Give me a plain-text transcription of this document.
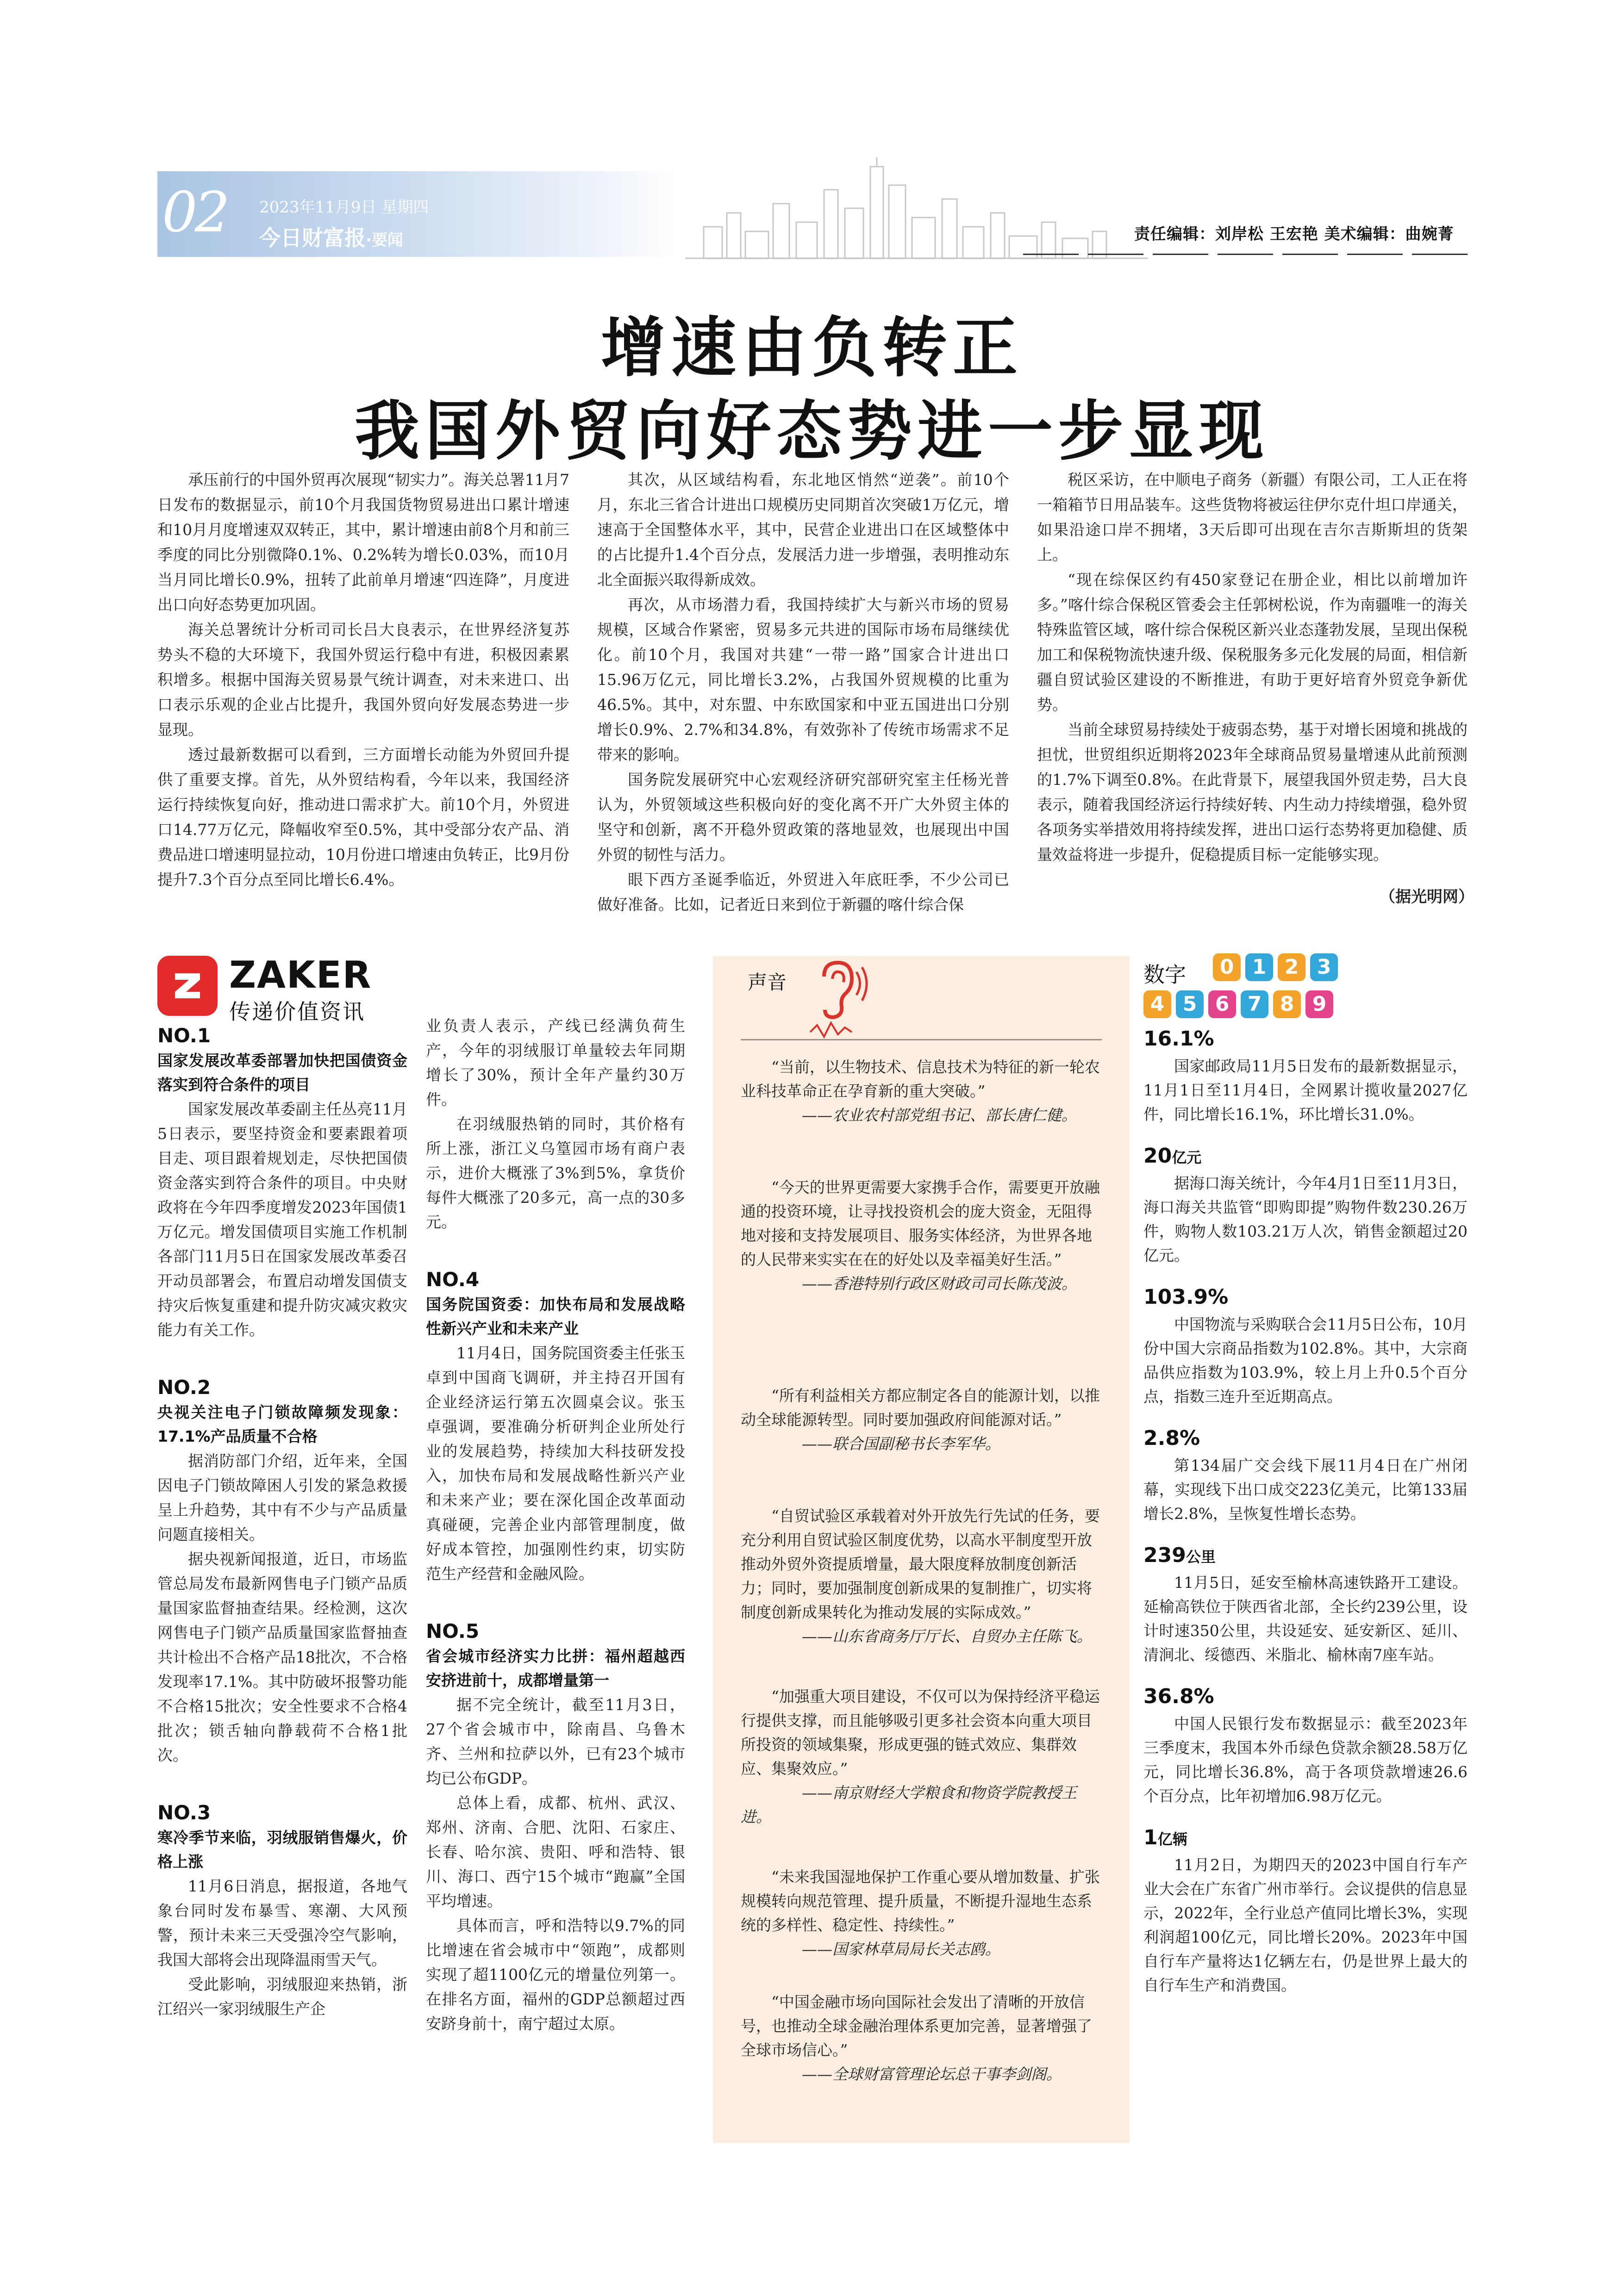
02 2023年11月9日 星期四
今日财富报·要闻	责任编辑：刘岸松 王宏艳 美术编辑：曲婉菁
增速由负转正
我国外贸向好态势进一步显现

承压前行的中国外贸再次展现“韧实力”。海关总署11月7日发布的数据显示，前10个月我国货物贸易进出口累计增速和10月月度增速双双转正，其中，累计增速由前8个月和前三季度的同比分别微降0.1%、0.2%转为增长0.03%，而10月当月同比增长0.9%，扭转了此前单月增速“四连降”，月度进出口向好态势更加巩固。

海关总署统计分析司司长吕大良表示，在世界经济复苏势头不稳的大环境下，我国外贸运行稳中有进，积极因素累积增多。根据中国海关贸易景气统计调查，对未来进口、出口表示乐观的企业占比提升，我国外贸向好发展态势进一步显现。

透过最新数据可以看到，三方面增长动能为外贸回升提供了重要支撑。首先，从外贸结构看，今年以来，我国经济运行持续恢复向好，推动进口需求扩大。前10个月，外贸进口14.77万亿元，降幅收窄至0.5%，其中受部分农产品、消费品进口增速明显拉动，10月份进口增速由负转正，比9月份提升7.3个百分点至同比增长6.4%。

其次，从区域结构看，东北地区悄然“逆袭”。前10个月，东北三省合计进出口规模历史同期首次突破1万亿元，增速高于全国整体水平，其中，民营企业进出口在区域整体中的占比提升1.4个百分点，发展活力进一步增强，表明推动东北全面振兴取得新成效。

再次，从市场潜力看，我国持续扩大与新兴市场的贸易规模，区域合作紧密，贸易多元共进的国际市场布局继续优化。前10个月，我国对共建“一带一路”国家合计进出口15.96万亿元，同比增长3.2%，占我国外贸规模的比重为46.5%。其中，对东盟、中东欧国家和中亚五国进出口分别增长0.9%、2.7%和34.8%，有效弥补了传统市场需求不足带来的影响。

国务院发展研究中心宏观经济研究部研究室主任杨光普认为，外贸领域这些积极向好的变化离不开广大外贸主体的坚守和创新，离不开稳外贸政策的落地显效，也展现出中国外贸的韧性与活力。

眼下西方圣诞季临近，外贸进入年底旺季，不少公司已做好准备。比如，记者近日来到位于新疆的喀什综合保

税区采访，在中顺电子商务（新疆）有限公司，工人正在将一箱箱节日用品装车。这些货物将被运往伊尔克什坦口岸通关，如果沿途口岸不拥堵，3天后即可出现在吉尔吉斯斯坦的货架上。

“现在综保区约有450家登记在册企业，相比以前增加许多。”喀什综合保税区管委会主任郭树松说，作为南疆唯一的海关特殊监管区域，喀什综合保税区新兴业态蓬勃发展，呈现出保税加工和保税物流快速升级、保税服务多元化发展的局面，相信新疆自贸试验区建设的不断推进，有助于更好培育外贸竞争新优势。

当前全球贸易持续处于疲弱态势，基于对增长困境和挑战的担忧，世贸组织近期将2023年全球商品贸易量增速从此前预测的1.7%下调至0.8%。在此背景下，展望我国外贸走势，吕大良表示，随着我国经济运行持续好转、内生动力持续增强，稳外贸各项务实举措效用将持续发挥，进出口运行态势将更加稳健、质量效益将进一步提升，促稳提质目标一定能够实现。

（据光明网）
ZAKER
传递价值资讯
NO.1
国家发展改革委部署加快把国债资金落实到符合条件的项目

国家发展改革委副主任丛亮11月5日表示，要坚持资金和要素跟着项目走、项目跟着规划走，尽快把国债资金落实到符合条件的项目。中央财政将在今年四季度增发2023年国债1万亿元。增发国债项目实施工作机制各部门11月5日在国家发展改革委召开动员部署会，布置启动增发国债支持灾后恢复重建和提升防灾减灾救灾能力有关工作。

NO.2
央视关注电子门锁故障频发现象：17.1%产品质量不合格

据消防部门介绍，近年来，全国因电子门锁故障困人引发的紧急救援呈上升趋势，其中有不少与产品质量问题直接相关。

据央视新闻报道，近日，市场监管总局发布最新网售电子门锁产品质量国家监督抽查结果。经检测，这次网售电子门锁产品质量国家监督抽查共计检出不合格产品18批次，不合格发现率17.1%。其中防破坏报警功能不合格15批次；安全性要求不合格4批次；锁舌轴向静载荷不合格1批次。

NO.3
寒冷季节来临，羽绒服销售爆火，价格上涨

11月6日消息，据报道，各地气象台同时发布暴雪、寒潮、大风预警，预计未来三天受强冷空气影响，我国大部将会出现降温雨雪天气。

受此影响，羽绒服迎来热销，浙江绍兴一家羽绒服生产企

业负责人表示，产线已经满负荷生产，今年的羽绒服订单量较去年同期增长了30%，预计全年产量约30万件。

在羽绒服热销的同时，其价格有所上涨，浙江义乌篁园市场有商户表示，进价大概涨了3%到5%，拿货价每件大概涨了20多元，高一点的30多元。

NO.4
国务院国资委：加快布局和发展战略性新兴产业和未来产业

11月4日，国务院国资委主任张玉卓到中国商飞调研，并主持召开国有企业经济运行第五次圆桌会议。张玉卓强调，要准确分析研判企业所处行业的发展趋势，持续加大科技研发投入，加快布局和发展战略性新兴产业和未来产业；要在深化国企改革面动真碰硬，完善企业内部管理制度，做好成本管控，加强刚性约束，切实防范生产经营和金融风险。

NO.5
省会城市经济实力比拼：福州超越西安挤进前十，成都增量第一

据不完全统计，截至11月3日，27个省会城市中，除南昌、乌鲁木齐、兰州和拉萨以外，已有23个城市均已公布GDP。

总体上看，成都、杭州、武汉、郑州、济南、合肥、沈阳、石家庄、长春、哈尔滨、贵阳、呼和浩特、银川、海口、西宁15个城市“跑赢”全国平均增速。

具体而言，呼和浩特以9.7%的同比增速在省会城市中“领跑”，成都则实现了超1100亿元的增量位列第一。在排名方面，福州的GDP总额超过西安跻身前十，南宁超过太原。

声音

“当前，以生物技术、信息技术为特征的新一轮农业科技革命正在孕育新的重大突破。”

——农业农村部党组书记、部长唐仁健。

“今天的世界更需要大家携手合作，需要更开放融通的投资环境，让寻找投资机会的庞大资金，无阻得地对接和支持发展项目、服务实体经济，为世界各地的人民带来实实在在的好处以及幸福美好生活。”

——香港特别行政区财政司司长陈茂波。

“所有利益相关方都应制定各自的能源计划，以推动全球能源转型。同时要加强政府间能源对话。”

——联合国副秘书长李军华。

“自贸试验区承载着对外开放先行先试的任务，要充分利用自贸试验区制度优势，以高水平制度型开放推动外贸外资提质增量，最大限度释放制度创新活力；同时，要加强制度创新成果的复制推广，切实将制度创新成果转化为推动发展的实际成效。”

——山东省商务厅厅长、自贸办主任陈飞。

“加强重大项目建设，不仅可以为保持经济平稳运行提供支撑，而且能够吸引更多社会资本向重大项目所投资的领域集聚，形成更强的链式效应、集群效应、集聚效应。”

——南京财经大学粮食和物资学院教授王进。

“未来我国湿地保护工作重心要从增加数量、扩张规模转向规范管理、提升质量，不断提升湿地生态系统的多样性、稳定性、持续性。”

——国家林草局局长关志鸥。

“中国金融市场向国际社会发出了清晰的开放信号，也推动全球金融治理体系更加完善，显著增强了全球市场信心。”

——全球财富管理论坛总干事李剑阁。

数字	0 1 2 3
4 5 6 7 8 9
16.1%

国家邮政局11月5日发布的最新数据显示，11月1日至11月4日，全网累计揽收量2027亿件，同比增长16.1%，环比增长31.0%。

20亿元

据海口海关统计，今年4月1日至11月3日，海口海关共监管“即购即提”购物件数230.26万件，购物人数103.21万人次，销售金额超过20亿元。

103.9%

中国物流与采购联合会11月5日公布，10月份中国大宗商品指数为102.8%。其中，大宗商品供应指数为103.9%，较上月上升0.5个百分点，指数三连升至近期高点。

2.8%

第134届广交会线下展11月4日在广州闭幕，实现线下出口成交223亿美元，比第133届增长2.8%，呈恢复性增长态势。

239公里

11月5日，延安至榆林高速铁路开工建设。延榆高铁位于陕西省北部，全长约239公里，设计时速350公里，共设延安、延安新区、延川、清涧北、绥德西、米脂北、榆林南7座车站。

36.8%

中国人民银行发布数据显示：截至2023年三季度末，我国本外币绿色贷款余额28.58万亿元，同比增长36.8%，高于各项贷款增速26.6个百分点，比年初增加6.98万亿元。

1亿辆

11月2日，为期四天的2023中国自行车产业大会在广东省广州市举行。会议提供的信息显示，2022年，全行业总产值同比增长3%，实现利润超100亿元，同比增长20%。2023年中国自行车产量将达1亿辆左右，仍是世界上最大的自行车生产和消费国。
